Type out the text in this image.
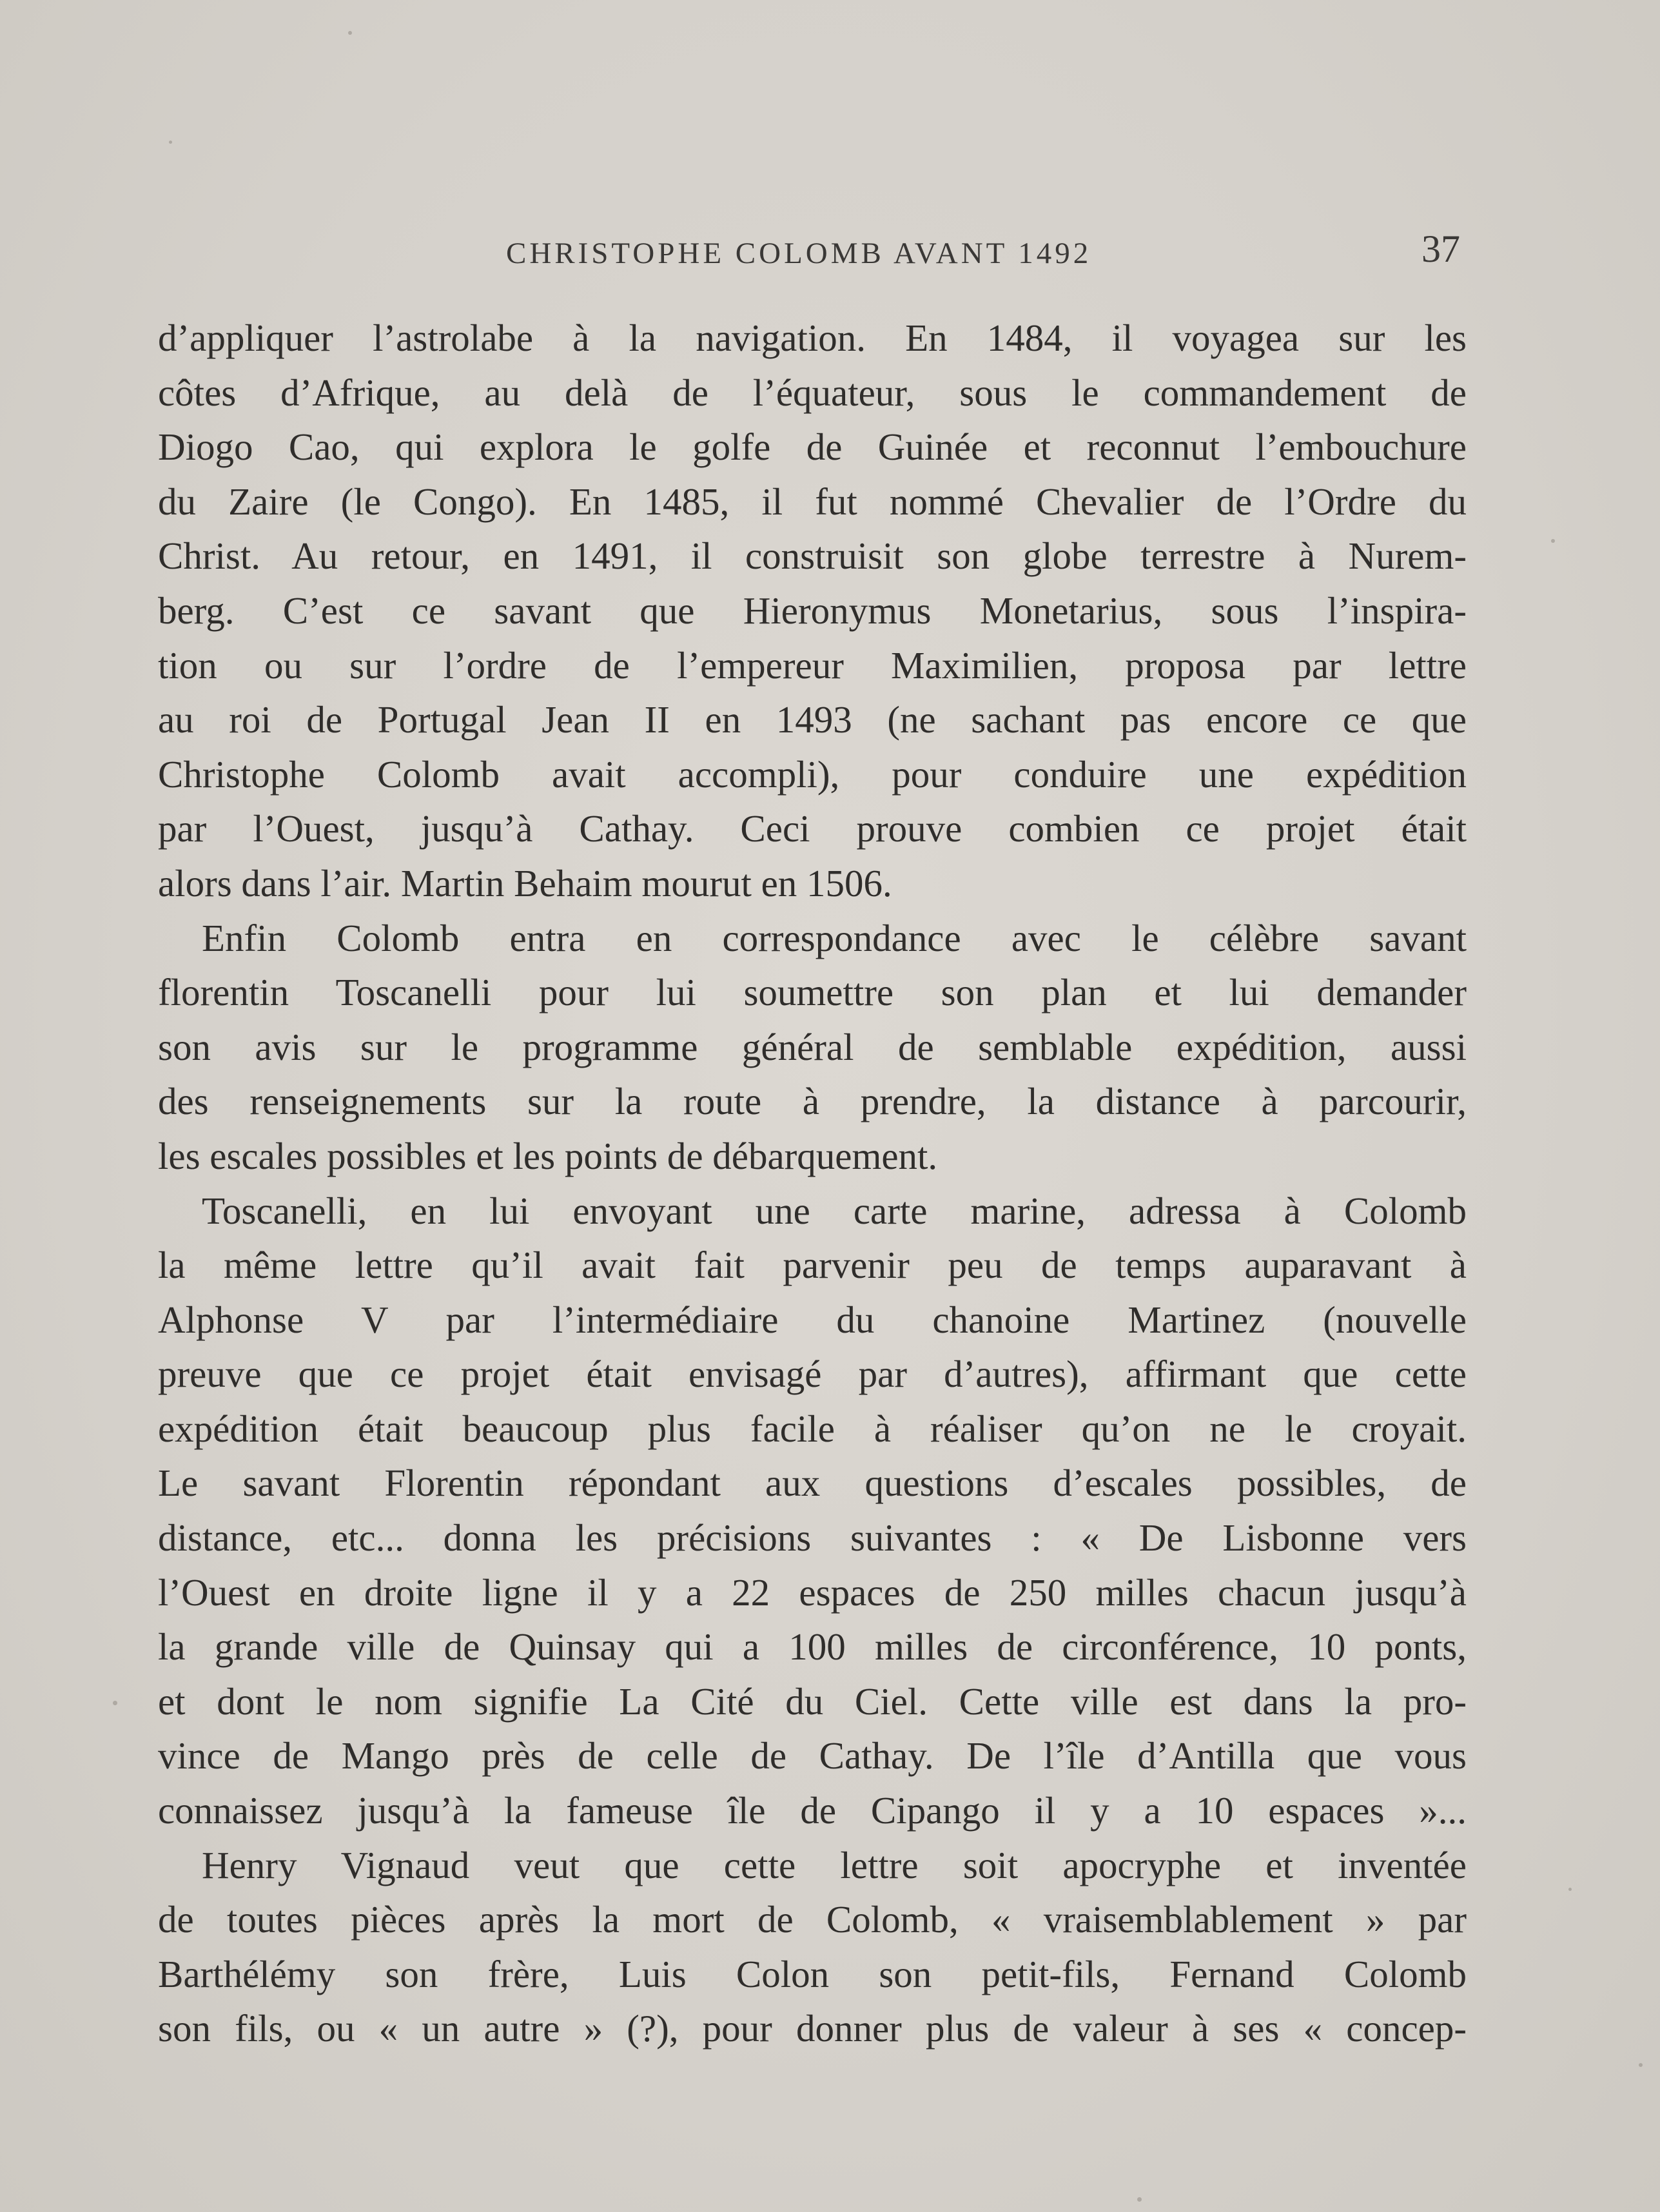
CHRISTOPHE COLOMB AVANT 1492	37
d’appliquer l’astrolabe à la navigation. En 1484, il voyagea sur les
côtes d’Afrique, au delà de l’équateur, sous le commandement de
Diogo Cao, qui explora le golfe de Guinée et reconnut l’embouchure
du Zaire (le Congo). En 1485, il fut nommé Chevalier de l’Ordre du
Christ. Au retour, en 1491, il construisit son globe terrestre à Nurem-
berg. C’est ce savant que Hieronymus Monetarius, sous l’inspira-
tion ou sur l’ordre de l’empereur Maximilien, proposa par lettre
au roi de Portugal Jean II en 1493 (ne sachant pas encore ce que
Christophe Colomb avait accompli), pour conduire une expédition
par l’Ouest, jusqu’à Cathay. Ceci prouve combien ce projet était
alors dans l’air. Martin Behaim mourut en 1506.
Enfin Colomb entra en correspondance avec le célèbre savant
florentin Toscanelli pour lui soumettre son plan et lui demander
son avis sur le programme général de semblable expédition, aussi
des renseignements sur la route à prendre, la distance à parcourir,
les escales possibles et les points de débarquement.
Toscanelli, en lui envoyant une carte marine, adressa à Colomb
la même lettre qu’il avait fait parvenir peu de temps auparavant à
Alphonse V par l’intermédiaire du chanoine Martinez (nouvelle
preuve que ce projet était envisagé par d’autres), affirmant que cette
expédition était beaucoup plus facile à réaliser qu’on ne le croyait.
Le savant Florentin répondant aux questions d’escales possibles, de
distance, etc... donna les précisions suivantes : « De Lisbonne vers
l’Ouest en droite ligne il y a 22 espaces de 250 milles chacun jusqu’à
la grande ville de Quinsay qui a 100 milles de circonférence, 10 ponts,
et dont le nom signifie La Cité du Ciel. Cette ville est dans la pro-
vince de Mango près de celle de Cathay. De l’île d’Antilla que vous
connaissez jusqu’à la fameuse île de Cipango il y a 10 espaces »...
Henry Vignaud veut que cette lettre soit apocryphe et inventée
de toutes pièces après la mort de Colomb, « vraisemblablement » par
Barthélémy son frère, Luis Colon son petit-fils, Fernand Colomb
son fils, ou « un autre » (?), pour donner plus de valeur à ses « concep-
